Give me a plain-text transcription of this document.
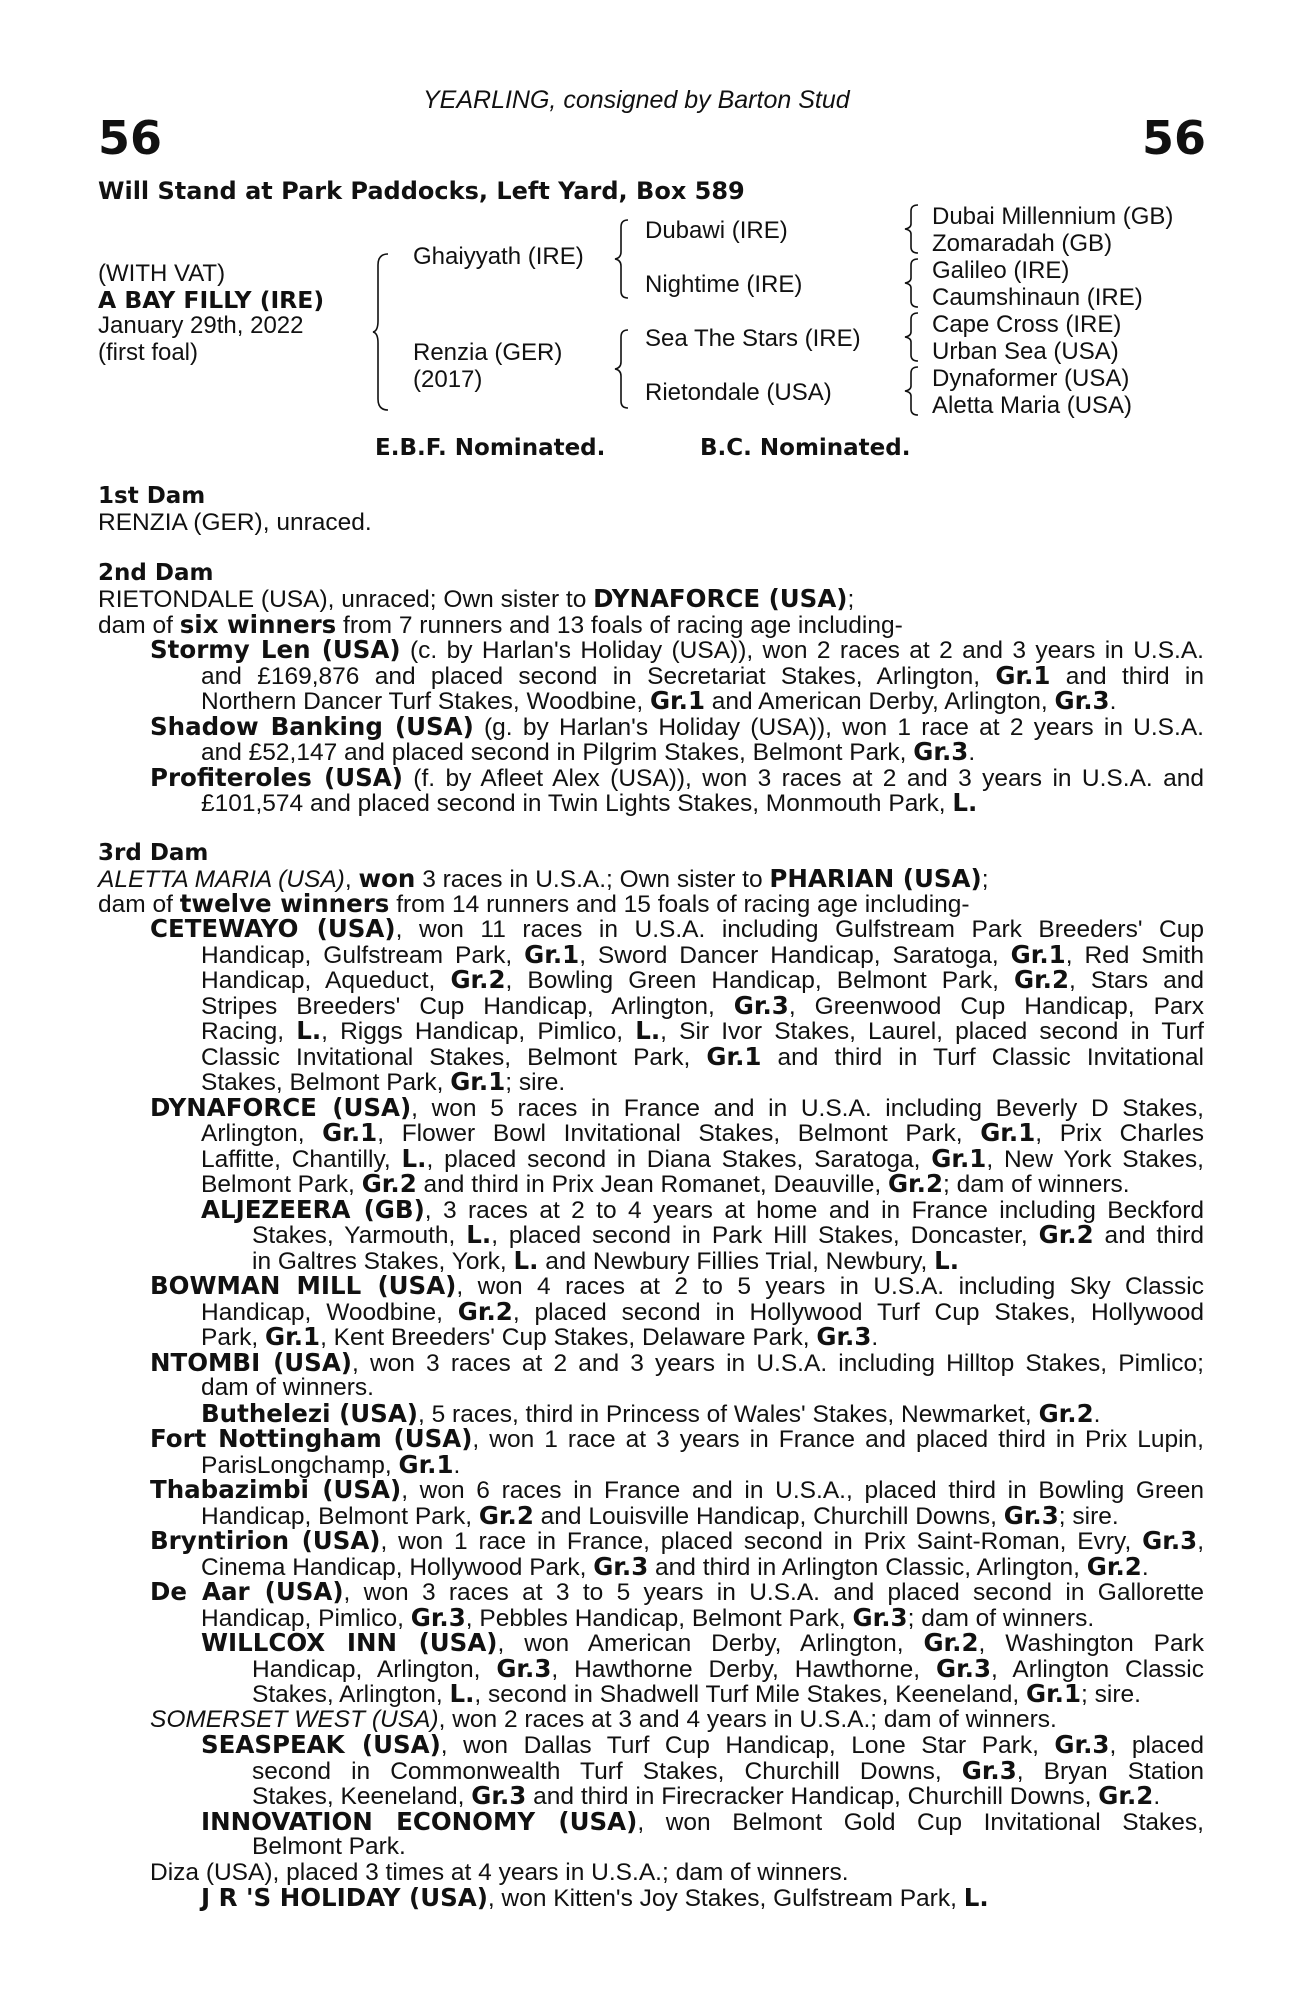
YEARLING, consigned by Barton Stud
56	56
Will Stand at Park Paddocks, Left Yard, Box 589
(WITH VAT)
A BAY FILLY (IRE)
January 29th, 2022
(first foal)
Ghaiyyath (IRE)
Renzia (GER)
(2017)
Dubawi (IRE)
Nightime (IRE)
Sea The Stars (IRE)
Rietondale (USA)
Dubai Millennium (GB)
Zomaradah (GB)
Galileo (IRE)
Caumshinaun (IRE)
Cape Cross (IRE)
Urban Sea (USA)
Dynaformer (USA)
Aletta Maria (USA)
E.B.F. Nominated.	B.C. Nominated.
1st Dam
RENZIA (GER), unraced.
2nd Dam
RIETONDALE (USA), unraced; Own sister to DYNAFORCE (USA);
dam of six winners from 7 runners and 13 foals of racing age including-
Stormy Len (USA) (c. by Harlan's Holiday (USA)), won 2 races at 2 and 3 years in U.S.A.
and £169,876 and placed second in Secretariat Stakes, Arlington, Gr.1 and third in
Northern Dancer Turf Stakes, Woodbine, Gr.1 and American Derby, Arlington, Gr.3.
Shadow Banking (USA) (g. by Harlan's Holiday (USA)), won 1 race at 2 years in U.S.A.
and £52,147 and placed second in Pilgrim Stakes, Belmont Park, Gr.3.
Profiteroles (USA) (f. by Afleet Alex (USA)), won 3 races at 2 and 3 years in U.S.A. and
£101,574 and placed second in Twin Lights Stakes, Monmouth Park, L.
3rd Dam
ALETTA MARIA (USA), won 3 races in U.S.A.; Own sister to PHARIAN (USA);
dam of twelve winners from 14 runners and 15 foals of racing age including-
CETEWAYO (USA), won 11 races in U.S.A. including Gulfstream Park Breeders' Cup
Handicap, Gulfstream Park, Gr.1, Sword Dancer Handicap, Saratoga, Gr.1, Red Smith
Handicap, Aqueduct, Gr.2, Bowling Green Handicap, Belmont Park, Gr.2, Stars and
Stripes Breeders' Cup Handicap, Arlington, Gr.3, Greenwood Cup Handicap, Parx
Racing, L., Riggs Handicap, Pimlico, L., Sir Ivor Stakes, Laurel, placed second in Turf
Classic Invitational Stakes, Belmont Park, Gr.1 and third in Turf Classic Invitational
Stakes, Belmont Park, Gr.1; sire.
DYNAFORCE (USA), won 5 races in France and in U.S.A. including Beverly D Stakes,
Arlington, Gr.1, Flower Bowl Invitational Stakes, Belmont Park, Gr.1, Prix Charles
Laffitte, Chantilly, L., placed second in Diana Stakes, Saratoga, Gr.1, New York Stakes,
Belmont Park, Gr.2 and third in Prix Jean Romanet, Deauville, Gr.2; dam of winners.
ALJEZEERA (GB), 3 races at 2 to 4 years at home and in France including Beckford
Stakes, Yarmouth, L., placed second in Park Hill Stakes, Doncaster, Gr.2 and third
in Galtres Stakes, York, L. and Newbury Fillies Trial, Newbury, L.
BOWMAN MILL (USA), won 4 races at 2 to 5 years in U.S.A. including Sky Classic
Handicap, Woodbine, Gr.2, placed second in Hollywood Turf Cup Stakes, Hollywood
Park, Gr.1, Kent Breeders' Cup Stakes, Delaware Park, Gr.3.
NTOMBI (USA), won 3 races at 2 and 3 years in U.S.A. including Hilltop Stakes, Pimlico;
dam of winners.
Buthelezi (USA), 5 races, third in Princess of Wales' Stakes, Newmarket, Gr.2.
Fort Nottingham (USA), won 1 race at 3 years in France and placed third in Prix Lupin,
ParisLongchamp, Gr.1.
Thabazimbi (USA), won 6 races in France and in U.S.A., placed third in Bowling Green
Handicap, Belmont Park, Gr.2 and Louisville Handicap, Churchill Downs, Gr.3; sire.
Bryntirion (USA), won 1 race in France, placed second in Prix Saint-Roman, Evry, Gr.3,
Cinema Handicap, Hollywood Park, Gr.3 and third in Arlington Classic, Arlington, Gr.2.
De Aar (USA), won 3 races at 3 to 5 years in U.S.A. and placed second in Gallorette
Handicap, Pimlico, Gr.3, Pebbles Handicap, Belmont Park, Gr.3; dam of winners.
WILLCOX INN (USA), won American Derby, Arlington, Gr.2, Washington Park
Handicap, Arlington, Gr.3, Hawthorne Derby, Hawthorne, Gr.3, Arlington Classic
Stakes, Arlington, L., second in Shadwell Turf Mile Stakes, Keeneland, Gr.1; sire.
SOMERSET WEST (USA), won 2 races at 3 and 4 years in U.S.A.; dam of winners.
SEASPEAK (USA), won Dallas Turf Cup Handicap, Lone Star Park, Gr.3, placed
second in Commonwealth Turf Stakes, Churchill Downs, Gr.3, Bryan Station
Stakes, Keeneland, Gr.3 and third in Firecracker Handicap, Churchill Downs, Gr.2.
INNOVATION ECONOMY (USA), won Belmont Gold Cup Invitational Stakes,
Belmont Park.
Diza (USA), placed 3 times at 4 years in U.S.A.; dam of winners.
J R 'S HOLIDAY (USA), won Kitten's Joy Stakes, Gulfstream Park, L.
